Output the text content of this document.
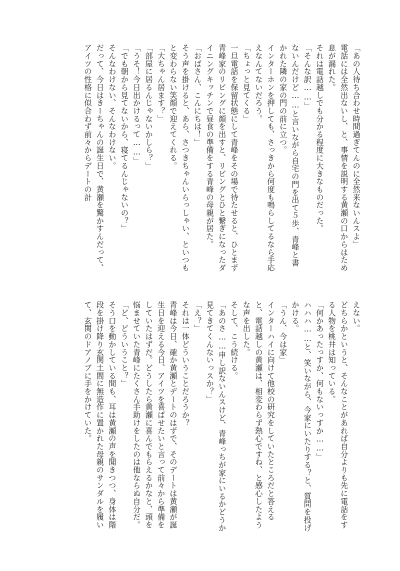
「あの人待ち合わせ時間過ぎてんのに全然来ないんスよ」
電話には全然出ないし、と、事情を説明する黄瀬の口からはため息が漏れた。
それは電話越しでも分かる程度に大きなものだった。
「そんな訳……」
ないんだけど……と言いながら自宅の門を出て５歩、青峰と書かれた隣の家の門の前に立つ。
インターホンを押しても、さっきから何度も鳴らしてるなら手応えなんてないだろう。
「ちょっと見てくる」
一旦電話を保留状態にして青峰をその場で待たせると、ひとまず青峰家のリビングに顔を出すと、リビングとひと繋ぎになったダイニングキッチンで昼食の準備をする青峰の母親が居た。
「おばさん、こんにちは！」
そう声を掛けると、あら、さつきちゃんいらっしゃい、といつもと変わらない笑顔で迎えてくれる。
「大ちゃん居ます？」
「部屋に居るんじゃないかしら？」
「うそ！今日出かけるって……」
「でも朝から見てないから、寝てるんじゃないの？」
そんなわけない、そんなわけない。
だって、今日はきーちゃんの誕生日で、黄瀬を驚かすんだって、アイツの性格に似合わず前々からデートの計
えない。
どちらかというと、そんなことがあれば自分よりも先に電話をする人物を桃井は知っている。
「何かあったっすか、何もないっすか……」
ハハハ……と、笑いながら、今家にいたりする？と、質問を投げかける。
「うん、今は家」
インターハイに向けて他校の研究をしていたところだと答えると、電話越しの黄瀬は、相変わらず熱心ですね、と感心したような声を出した。
そして、こう続ける。
「あのさ……申し訳ないんスけど、青峰っちが家にいるかどうか見てきてくんないっスか？」
「え？」
それは一体どういうことだろうか？
青峰は今日、確か黄瀬とデートのはずで、そのデートは黄瀬が誕生日を迎える今日、アイツを喜ばせたいと言って前々から準備をしていたはずだ。どうしたら黄瀬に喜んでもらえるかなと、頭を悩ませていた青峰にたくさん手助けをしたのは他ならぬ自分だ。
「ど、どういうこと？」
そう口を動かしている間も、耳は黄瀬の声を聞きつつ、身体は階段を掛け降り玄関土間に無造作に置かれた母親のサンダルを履いて、玄関のドアノブに手をかけていた。
